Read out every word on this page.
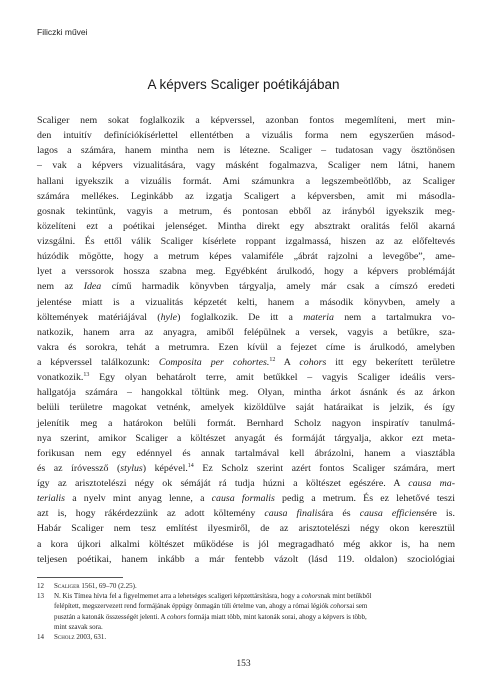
Filiczki művei
A képvers Scaliger poétikájában
Scaliger nem sokat foglalkozik a képverssel, azonban fontos megemlíteni, mert min-
den intuitív definíciókísérlettel ellentétben a vizuális forma nem egyszerűen másod-
lagos a számára, hanem mintha nem is létezne. Scaliger – tudatosan vagy ösztönösen
– vak a képvers vizualitására, vagy másként fogalmazva, Scaliger nem látni, hanem
hallani igyekszik a vizuális formát. Ami számunkra a legszembeötlőbb, az Scaliger
számára mellékes. Leginkább az izgatja Scaligert a képversben, amit mi másodla-
gosnak tekintünk, vagyis a metrum, és pontosan ebből az irányból igyekszik meg-
közelíteni ezt a poétikai jelenséget. Mintha direkt egy absztrakt oralitás felől akarná
vizsgálni. És ettől válik Scaliger kísérlete roppant izgalmassá, hiszen az az előfeltevés
húzódik mögötte, hogy a metrum képes valamiféle „ábrát rajzolni a levegőbe”, ame-
lyet a verssorok hossza szabna meg. Egyébként árulkodó, hogy a képvers problémáját
nem az Idea című harmadik könyvben tárgyalja, amely már csak a címszó eredeti
jelentése miatt is a vizualitás képzetét kelti, hanem a második könyvben, amely a
költemények matériájával (hyle) foglalkozik. De itt a materia nem a tartalmukra vo-
natkozik, hanem arra az anyagra, amiből felépülnek a versek, vagyis a betűkre, sza-
vakra és sorokra, tehát a metrumra. Ezen kívül a fejezet címe is árulkodó, amelyben
a képverssel találkozunk: Composita per cohortes.$^{12}$ A cohors itt egy bekerített területre
vonatkozik.$^{13}$ Egy olyan behatárolt terre, amit betűkkel – vagyis Scaliger ideális vers-
hallgatója számára – hangokkal töltünk meg. Olyan, mintha árkot ásnánk és az árkon
belüli területre magokat vetnénk, amelyek kizöldülve saját határaikat is jelzik, és így
jelenítik meg a határokon belüli formát. Bernhard Scholz nagyon inspiratív tanulmá-
nya szerint, amikor Scaliger a költészet anyagát és formáját tárgyalja, akkor ezt meta-
forikusan nem egy edénnyel és annak tartalmával kell ábrázolni, hanem a viasztábla
és az íróvessző (stylus) képével.$^{14}$ Ez Scholz szerint azért fontos Scaliger számára, mert
így az arisztotelészi négy ok sémáját rá tudja húzni a költészet egészére. A causa ma-
terialis a nyelv mint anyag lenne, a causa formalis pedig a metrum. És ez lehetővé teszi
azt is, hogy rákérdezzünk az adott költemény causa finalisára és causa efficiensére is.
Habár Scaliger nem tesz említést ilyesmiről, de az arisztotelészi négy okon keresztül
a kora újkori alkalmi költészet működése is jól megragadható még akkor is, ha nem
teljesen poétikai, hanem inkább a már fentebb vázolt (lásd 119. oldalon) szociológiai
12	Scaliger 1561, 69–70 (2.25).
13	N. Kis Tímea hívta fel a figyelmemet arra a lehetséges scaligeri képzettársításra, hogy a cohorsnak mint betűkből
felépített, megszervezett rend formájának éppúgy önmagán túli értelme van, ahogy a római légiók cohorsai sem
pusztán a katonák összességét jelenti. A cohors formája miatt több, mint katonák sorai, ahogy a képvers is több,
mint szavak sora.
14	Scholz 2003, 631.
153
